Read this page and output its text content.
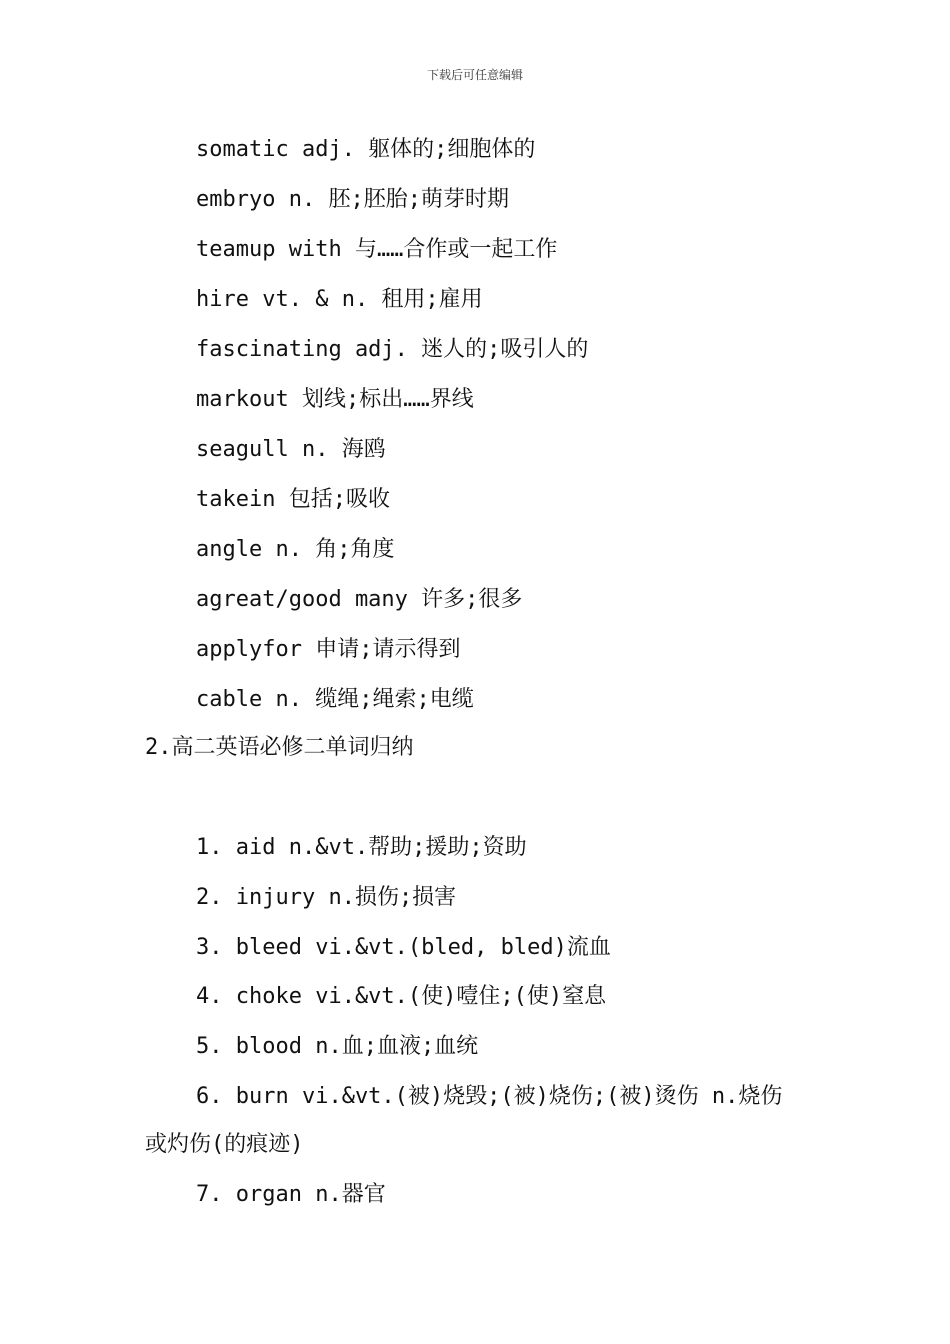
下载后可任意编辑
somatic adj. 躯体的;细胞体的
embryo n. 胚;胚胎;萌芽时期
teamup with 与……合作或一起工作
hire vt. & n. 租用;雇用
fascinating adj. 迷人的;吸引人的
markout 划线;标出……界线
seagull n. 海鸥
takein 包括;吸收
angle n. 角;角度
agreat/good many 许多;很多
applyfor 申请;请示得到
cable n. 缆绳;绳索;电缆
2.高二英语必修二单词归纳
1. aid n.&vt.帮助;援助;资助
2. injury n.损伤;损害
3. bleed vi.&vt.(bled, bled)流血
4. choke vi.&vt.(使)噎住;(使)窒息
5. blood n.血;血液;血统
6. burn vi.&vt.(被)烧毁;(被)烧伤;(被)烫伤 n.烧伤
或灼伤(的痕迹)
7. organ n.器官
